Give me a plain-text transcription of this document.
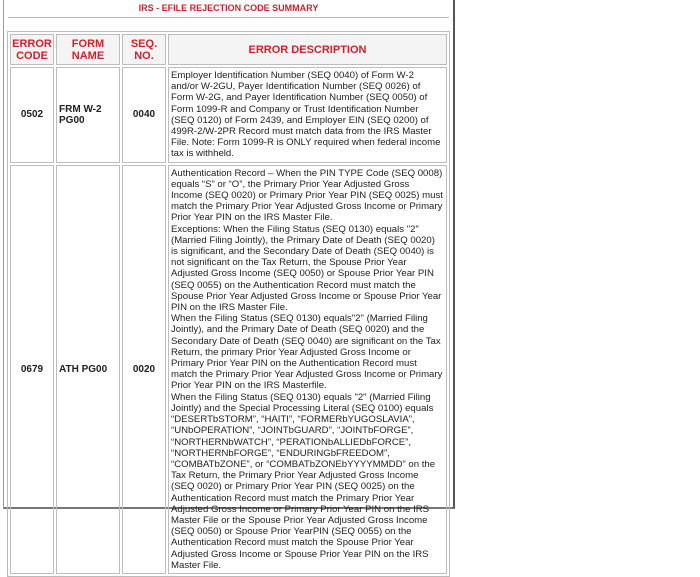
IRS - EFILE REJECTION CODE SUMMARY
ERROR CODE	FORM NAME	SEQ. NO.	ERROR DESCRIPTION
0502	FRM W-2 PG00	0040	Employer Identification Number (SEQ 0040) of Form W-2 and/or W-2GU, Payer Identification Number (SEQ 0026) of Form W-2G, and Payer Identification Number (SEQ 0050) of Form 1099-R and Company or Trust Identification Number (SEQ 0120) of Form 2439, and Employer EIN (SEQ 0200) of 499R-2/W-2PR Record must match data from the IRS Master File. Note: Form 1099-R is ONLY required when federal income tax is withheld.

0679	ATH PG00	0020	Authentication Record – When the PIN TYPE Code (SEQ 0008) equals “S” or “O”, the Primary Prior Year Adjusted Gross Income (SEQ 0020) or Primary Prior Year PIN (SEQ 0025) must match the Primary Prior Year Adjusted Gross Income or Primary Prior Year PIN on the IRS Master File.

Exceptions: When the Filing Status (SEQ 0130) equals "2" (Married Filing Jointly), the Primary Date of Death (SEQ 0020) is significant, and the Secondary Date of Death (SEQ 0040) is not significant on the Tax Return, the Spouse Prior Year Adjusted Gross Income (SEQ 0050) or Spouse Prior Year PIN (SEQ 0055) on the Authentication Record must match the Spouse Prior Year Adjusted Gross Income or Spouse Prior Year PIN on the IRS Master File.

When the Filing Status (SEQ 0130) equals"2" (Married Filing Jointly), and the Primary Date of Death (SEQ 0020) and the Secondary Date of Death (SEQ 0040) are significant on the Tax Return, the primary Prior Year Adjusted Gross Income or Primary Prior Year PIN on the Authentication Record must match the Primary Prior Year Adjusted Gross Income or Primary Prior Year PIN on the IRS Masterfile.

When the Filing Status (SEQ 0130) equals "2" (Married Filing Jointly) and the Special Processing Literal (SEQ 0100) equals “DESERTbSTORM”, “HAITI”, “FORMERbYUGOSLAVIA”, “UNbOPERATION”, “JOINTbGUARD”, “JOINTbFORGE”, “NORTHERNbWATCH”, “PERATIONbALLIEDbFORCE”, “NORTHERNbFORGE”, “ENDURINGbFREEDOM”, “COMBATbZONE”, or “COMBATbZONEbYYYYMMDD” on the Tax Return, the Primary Prior Year Adjusted Gross Income (SEQ 0020) or Primary Prior Year PIN (SEQ 0025) on the Authentication Record must match the Primary Prior Year Adjusted Gross Income or Primary Prior Year PIN on the IRS Master File or the Spouse Prior Year Adjusted Gross Income (SEQ 0050) or Spouse Prior YearPIN (SEQ 0055) on the Authentication Record must match the Spouse Prior Year Adjusted Gross Income or Spouse Prior Year PIN on the IRS Master File.
